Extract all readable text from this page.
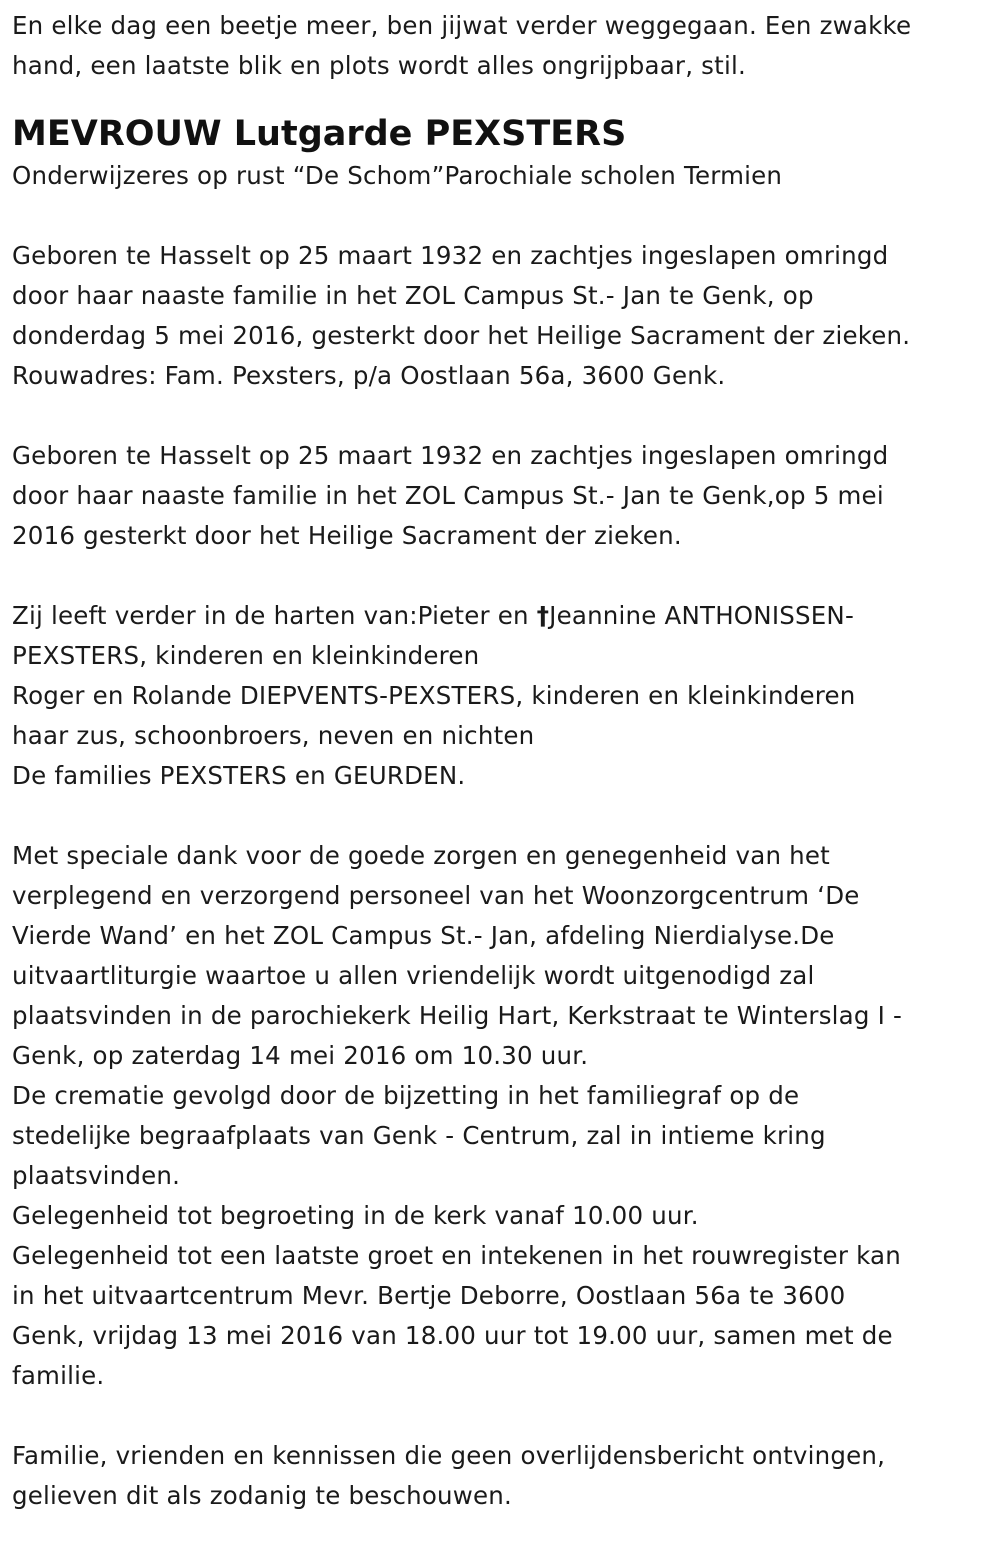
En elke dag een beetje meer, ben jijwat verder weggegaan. Een zwakke
hand, een laatste blik en plots wordt alles ongrijpbaar, stil.

MEVROUW Lutgarde PEXSTERS

Onderwijzeres op rust “De Schom”Parochiale scholen Termien

Geboren te Hasselt op 25 maart 1932 en zachtjes ingeslapen omringd
door haar naaste familie in het ZOL Campus St.- Jan te Genk, op
donderdag 5 mei 2016, gesterkt door het Heilige Sacrament der zieken.
Rouwadres: Fam. Pexsters, p/a Oostlaan 56a, 3600 Genk.

Geboren te Hasselt op 25 maart 1932 en zachtjes ingeslapen omringd
door haar naaste familie in het ZOL Campus St.- Jan te Genk,op 5 mei
2016 gesterkt door het Heilige Sacrament der zieken.

Zij leeft verder in de harten van:Pieter en †Jeannine ANTHONISSEN-
PEXSTERS, kinderen en kleinkinderen
Roger en Rolande DIEPVENTS-PEXSTERS, kinderen en kleinkinderen
haar zus, schoonbroers, neven en nichten
De families PEXSTERS en GEURDEN.

Met speciale dank voor de goede zorgen en genegenheid van het
verplegend en verzorgend personeel van het Woonzorgcentrum ‘De
Vierde Wand’ en het ZOL Campus St.- Jan, afdeling Nierdialyse.De
uitvaartliturgie waartoe u allen vriendelijk wordt uitgenodigd zal
plaatsvinden in de parochiekerk Heilig Hart, Kerkstraat te Winterslag I -
Genk, op zaterdag 14 mei 2016 om 10.30 uur.
De crematie gevolgd door de bijzetting in het familiegraf op de
stedelijke begraafplaats van Genk - Centrum, zal in intieme kring
plaatsvinden.
Gelegenheid tot begroeting in de kerk vanaf 10.00 uur.
Gelegenheid tot een laatste groet en intekenen in het rouwregister kan
in het uitvaartcentrum Mevr. Bertje Deborre, Oostlaan 56a te 3600
Genk, vrijdag 13 mei 2016 van 18.00 uur tot 19.00 uur, samen met de
familie.

Familie, vrienden en kennissen die geen overlijdensbericht ontvingen,
gelieven dit als zodanig te beschouwen.
